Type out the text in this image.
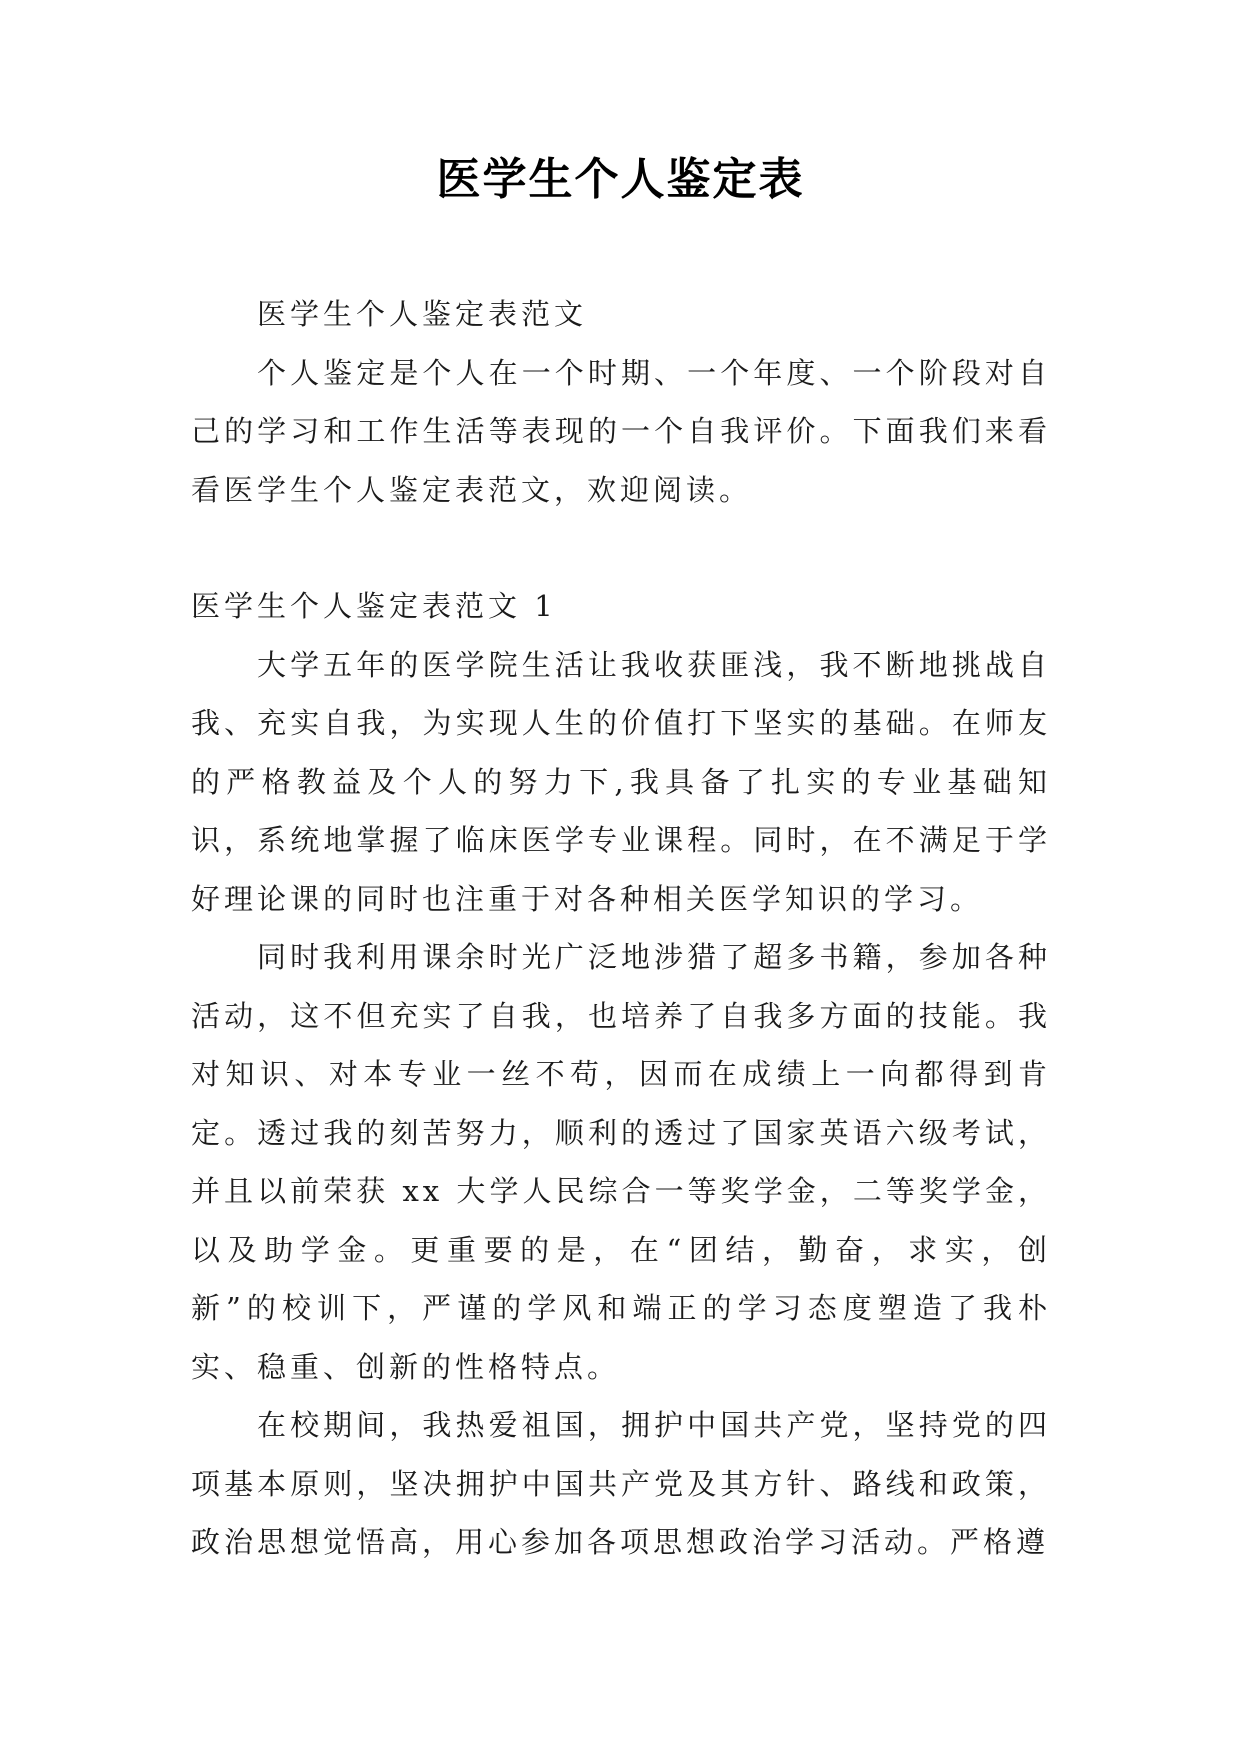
医学生个人鉴定表

医学生个人鉴定表范文

个人鉴定是个人在一个时期、一个年度、一个阶段对自己的学习和工作生活等表现的一个自我评价。下面我们来看看医学生个人鉴定表范文，欢迎阅读。

医学生个人鉴定表范文 1

大学五年的医学院生活让我收获匪浅，我不断地挑战自我、充实自我，为实现人生的价值打下坚实的基础。在师友的严格教益及个人的努力下,我具备了扎实的专业基础知识，系统地掌握了临床医学专业课程。同时，在不满足于学好理论课的同时也注重于对各种相关医学知识的学习。

同时我利用课余时光广泛地涉猎了超多书籍，参加各种活动，这不但充实了自我，也培养了自我多方面的技能。我对知识、对本专业一丝不苟，因而在成绩上一向都得到肯定。透过我的刻苦努力，顺利的透过了国家英语六级考试，并且以前荣获 xx 大学人民综合一等奖学金，二等奖学金，以及助学金。更重要的是，在“团结，勤奋，求实，创新”的校训下，严谨的学风和端正的学习态度塑造了我朴实、稳重、创新的性格特点。

在校期间，我热爱祖国，拥护中国共产党，坚持党的四项基本原则，坚决拥护中国共产党及其方针、路线和政策，政治思想觉悟高，用心参加各项思想政治学习活动。严格遵
